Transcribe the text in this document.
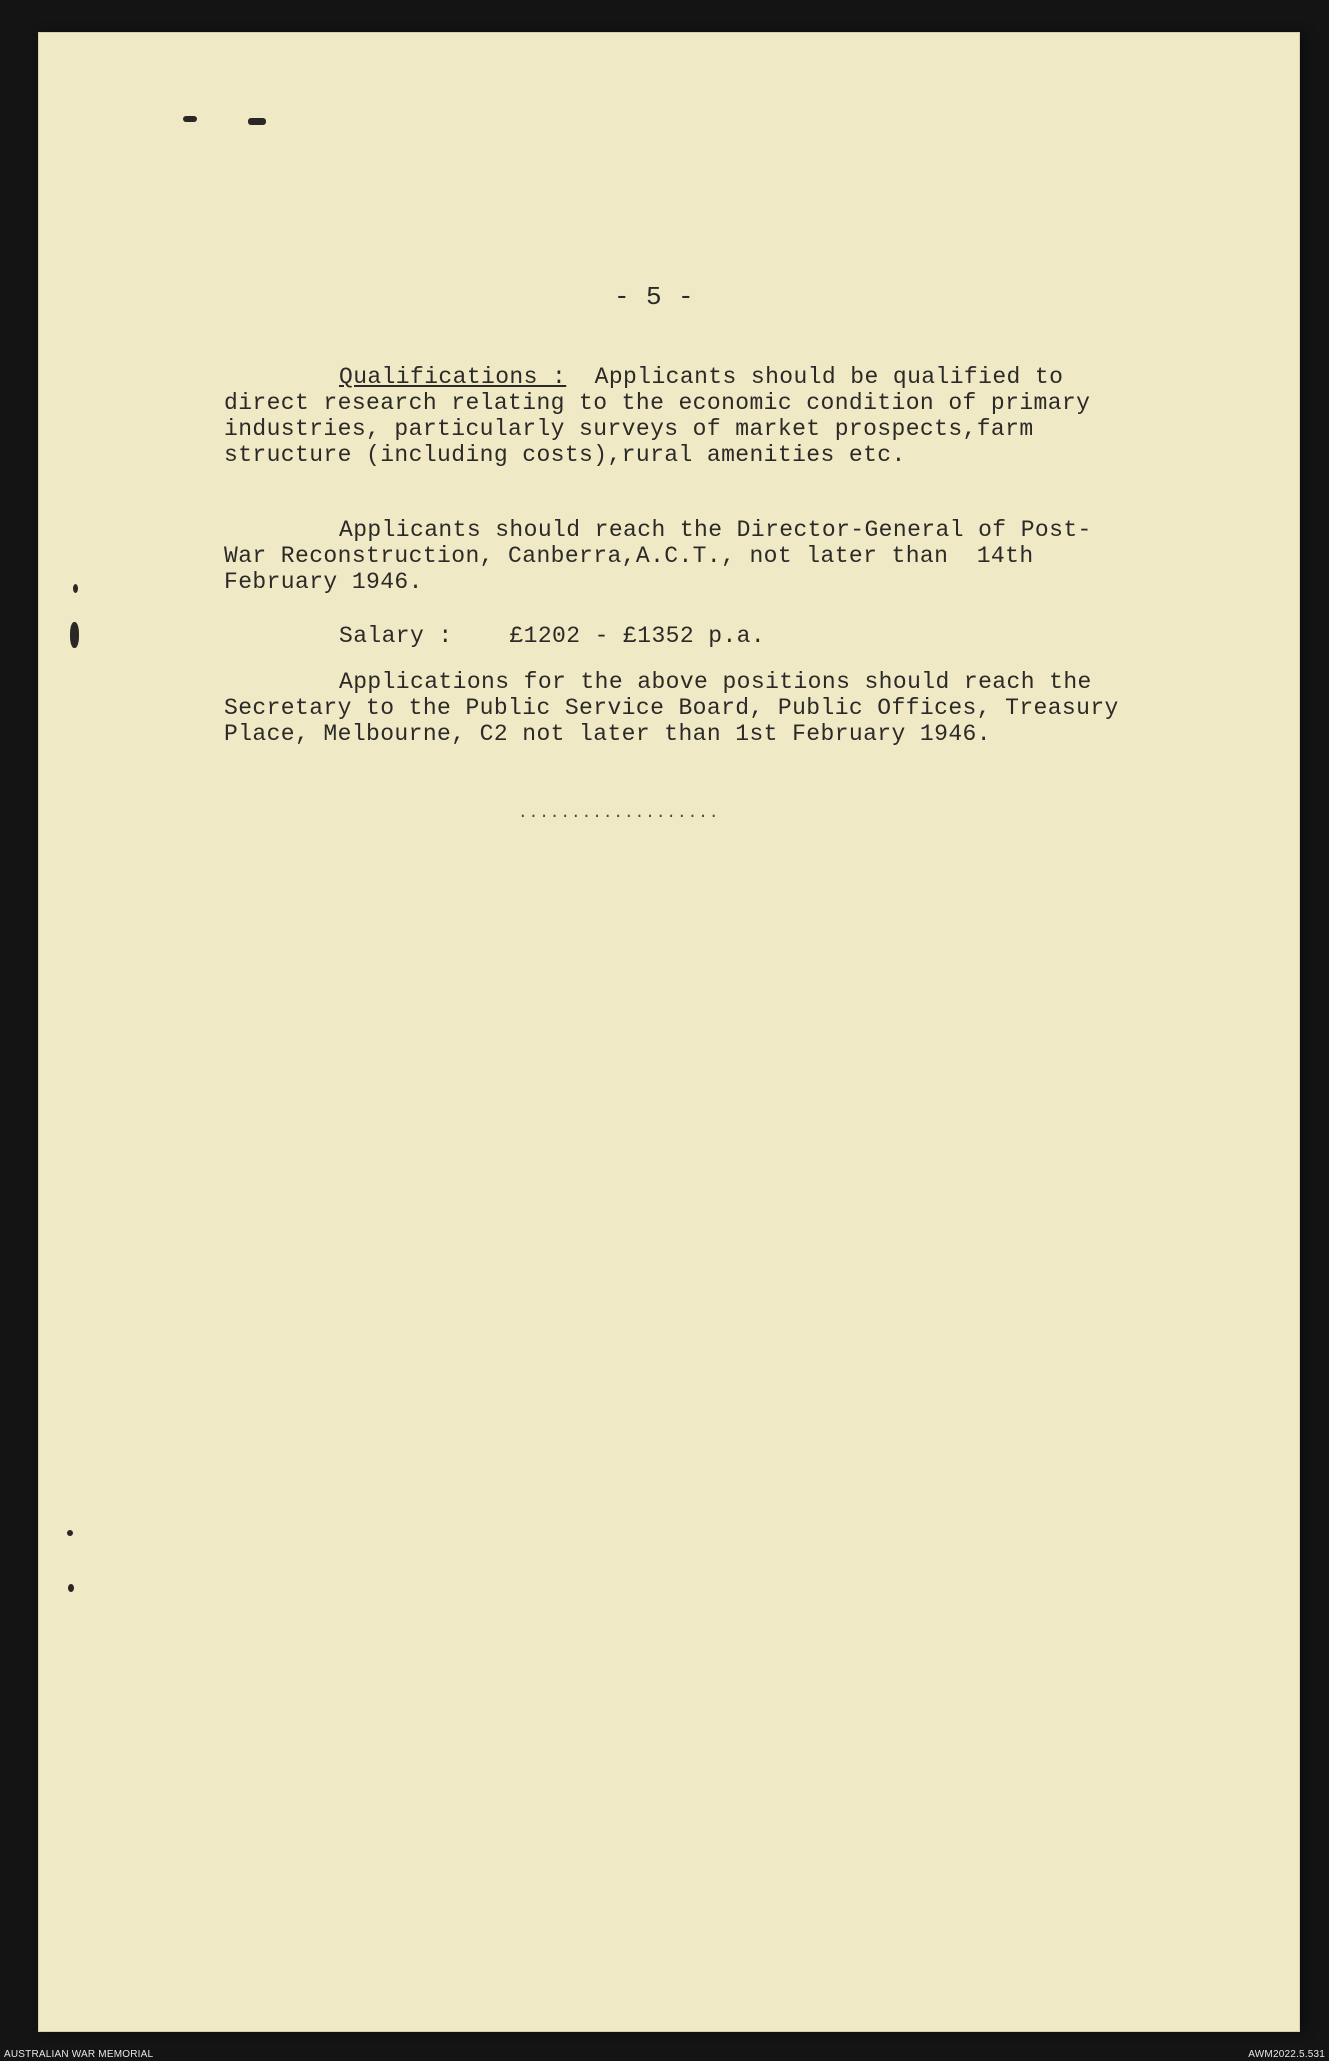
- 5 -
Qualifications : Applicants should be qualified to
direct research relating to the economic condition of primary
industries, particularly surveys of market prospects,farm
structure (including costs),rural amenities etc.
Applicants should reach the Director-General of Post-
War Reconstruction, Canberra,A.C.T., not later than  14th
February 1946.
Salary : £1202 - £1352 p.a.
Applications for the above positions should reach the
Secretary to the Public Service Board, Public Offices, Treasury
Place, Melbourne, C2 not later than 1st February 1946.
...................
AUSTRALIAN WAR MEMORIAL	AWM2022.5.531
